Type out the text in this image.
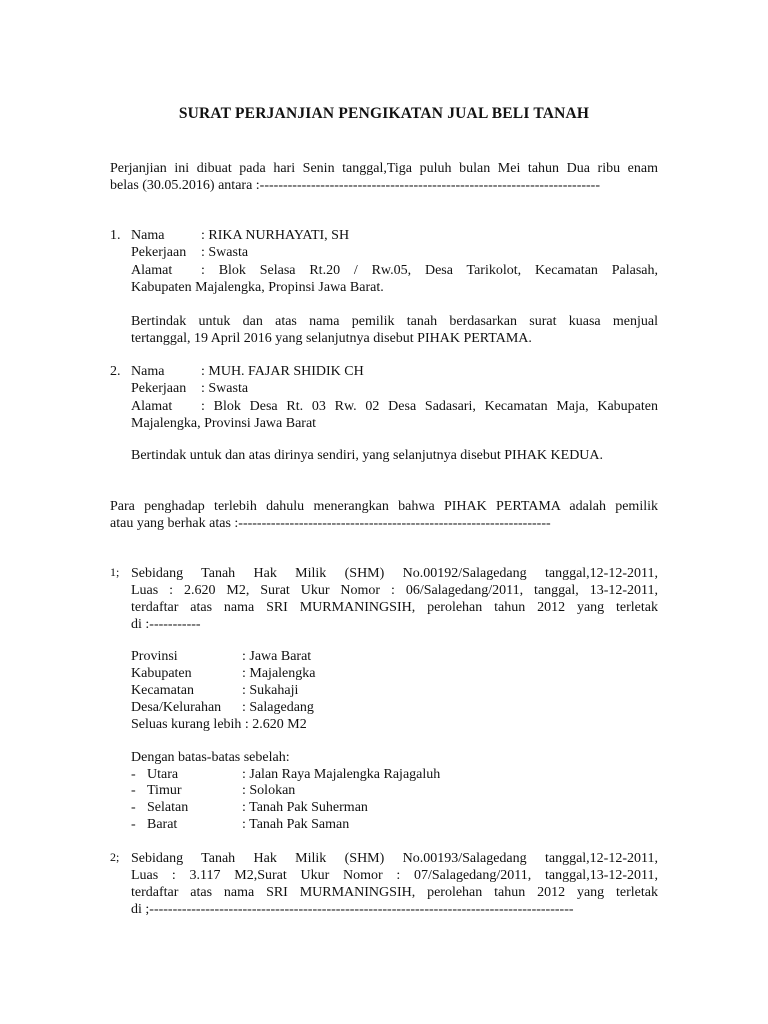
SURAT PERJANJIAN PENGIKATAN JUAL BELI TANAH
Perjanjian ini dibuat pada hari Senin tanggal,Tiga puluh bulan Mei tahun Dua ribu enam
belas (30.05.2016) antara :-------------------------------------------------------------------------
1. Nama	: RIKA NURHAYATI, SH
Pekerjaan : Swasta
Alamat : Blok Selasa Rt.20 / Rw.05, Desa Tarikolot, Kecamatan Palasah,
Kabupaten Majalengka, Propinsi Jawa Barat.
Bertindak untuk dan atas nama pemilik tanah berdasarkan surat kuasa menjual
tertanggal, 19 April 2016 yang selanjutnya disebut PIHAK PERTAMA.
2. Nama	: MUH. FAJAR SHIDIK CH
Pekerjaan : Swasta
Alamat : Blok Desa Rt. 03 Rw. 02 Desa Sadasari, Kecamatan Maja, Kabupaten
Majalengka, Provinsi Jawa Barat
Bertindak untuk dan atas dirinya sendiri, yang selanjutnya disebut PIHAK KEDUA.
Para penghadap terlebih dahulu menerangkan bahwa PIHAK PERTAMA adalah pemilik
atau yang berhak atas :-------------------------------------------------------------------
1; Sebidang Tanah Hak Milik (SHM) No.00192/Salagedang tanggal,12-12-2011,
Luas : 2.620 M2, Surat Ukur Nomor : 06/Salagedang/2011, tanggal, 13-12-2011,
terdaftar atas nama SRI MURMANINGSIH, perolehan tahun 2012 yang terletak
di :-----------
Provinsi	: Jawa Barat
Kabupaten	: Majalengka
Kecamatan	: Sukahaji
Desa/Kelurahan : Salagedang
Seluas kurang lebih : 2.620 M2
Dengan batas-batas sebelah:
- Utara	: Jalan Raya Majalengka Rajagaluh
- Timur	: Solokan
- Selatan	: Tanah Pak Suherman
- Barat	: Tanah Pak Saman
2; Sebidang Tanah Hak Milik (SHM) No.00193/Salagedang tanggal,12-12-2011,
Luas : 3.117 M2,Surat Ukur Nomor : 07/Salagedang/2011, tanggal,13-12-2011,
terdaftar atas nama SRI MURMANINGSIH, perolehan tahun 2012 yang terletak
di ;-------------------------------------------------------------------------------------------
